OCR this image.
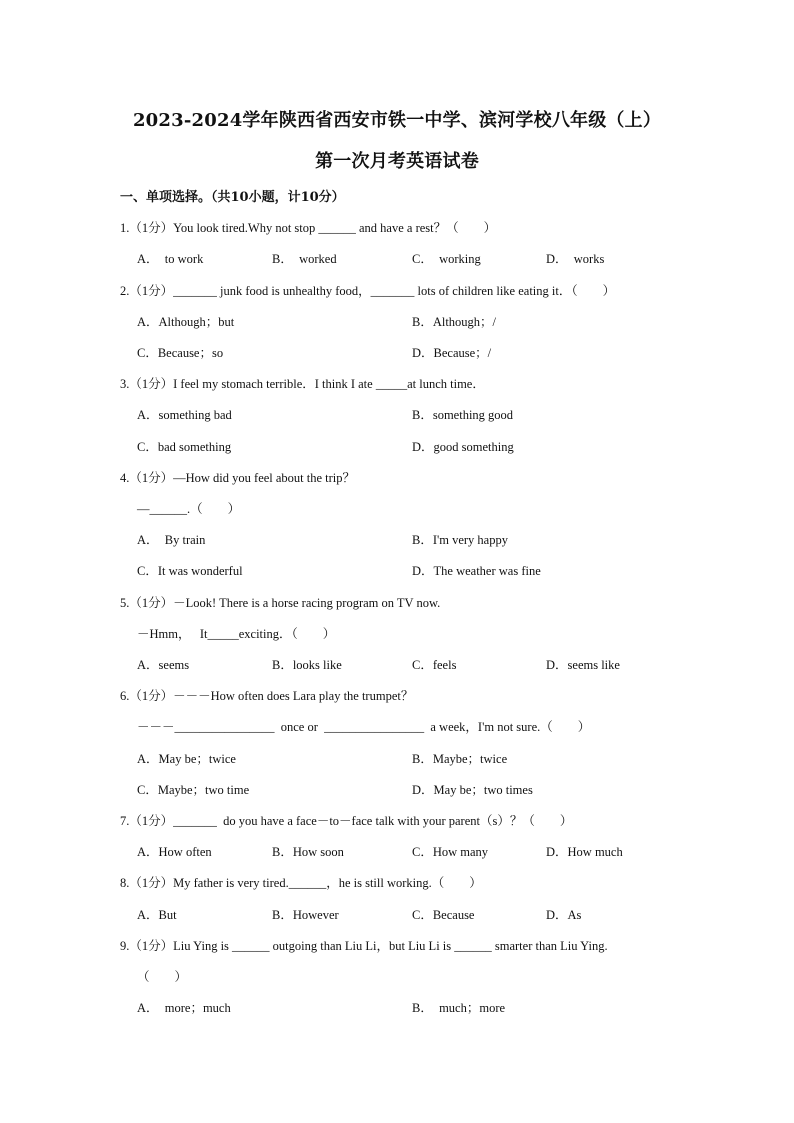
2023-2024学年陕西省西安市铁一中学、滨河学校八年级（上）
第一次月考英语试卷
一、单项选择。（共10小题，计10分）
1.（1分）You look tired.Why not stop ______ and have a rest？（　　）
A．  to work	B．  worked	C．  working	D．  works
2.（1分）_______ junk food is unhealthy food，_______ lots of children like eating it．（　　）
A．Although；but	B．Although；/
C．Because；so	D．Because；/
3.（1分）I feel my stomach terrible．I think I ate _____at lunch time．
A．something bad	B．something good
C．bad something	D．good something
4.（1分）—How did you feel about the trip？
—______.（　　）
A．  By train	B．I'm very happy
C．It was wonderful	D．The weather was fine
5.（1分）－Look! There is a horse racing program on TV now.
－Hmm，   It_____exciting．（　　）
A．seems	B．looks like	C．feels	D．seems like
6.（1分）－－－How often does Lara play the trumpet？
－－－________________  once or  ________________  a week，I'm not sure.（　　）
A．May be；twice	B．Maybe；twice
C．Maybe；two time	D．May be；two times
7.（1分）_______  do you have a face－to－face talk with your parent（s）？（　　）
A．How often	B．How soon	C．How many	D．How much
8.（1分）My father is very tired.______，he is still working.（　　）
A．But	B．However	C．Because	D．As
9.（1分）Liu Ying is ______ outgoing than Liu Li，but Liu Li is ______ smarter than Liu Ying.
（　　）
A．  more；much	B．  much；more
